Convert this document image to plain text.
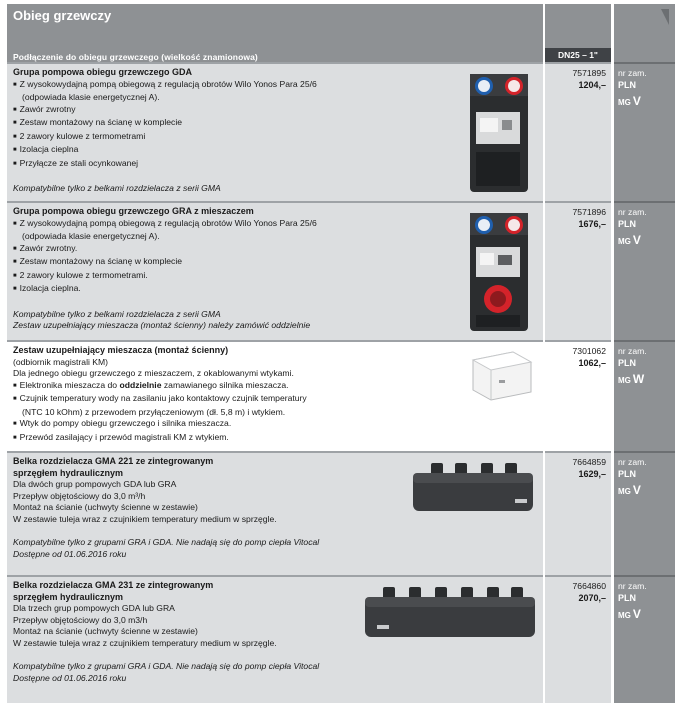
Obieg grzewczy
Podłączenie do obiegu grzewczego (wielkość znamionowa)
Grupa pompowa obiegu grzewczego GDA
■ Z wysokowydajną pompą obiegową z regulacją obrotów Wilo Yonos Para 25/6
(odpowiada klasie energetycznej A).
■ Zawór zwrotny
■ Zestaw montażowy na ścianę w komplecie
■ 2 zawory kulowe z termometrami
■ Izolacja cieplna
■ Przyłącze ze stali ocynkowanej
Kompatybilne tylko z belkami rozdzielacza z serii GMA
Grupa pompowa obiegu grzewczego GRA z mieszaczem
■ Z wysokowydajną pompą obiegową z regulacją obrotów Wilo Yonos Para 25/6
(odpowiada klasie energetycznej A).
■ Zawór zwrotny.
■ Zestaw montażowy na ścianę w komplecie
■ 2 zawory kulowe z termometrami.
■ Izolacja cieplna.
Kompatybilne tylko z belkami rozdzielacza z serii GMA
Zestaw uzupełniający mieszacza (montaż ścienny) należy zamówić oddzielnie
Zestaw uzupełniający mieszacza (montaż ścienny)
(odbiornik magistrali KM)
Dla jednego obiegu grzewczego z mieszaczem, z okablowanymi wtykami.
■ Elektronika mieszacza do oddzielnie zamawianego silnika mieszacza.
■ Czujnik temperatury wody na zasilaniu jako kontaktowy czujnik temperatury
(NTC 10 kOhm) z przewodem przyłączeniowym (dł. 5,8 m) i wtykiem.
■ Wtyk do pompy obiegu grzewczego i silnika mieszacza.
■ Przewód zasilający i przewód magistrali KM z wtykiem.
Belka rozdzielacza GMA 221 ze zintegrowanym
sprzęgłem hydraulicznym
Dla dwóch grup pompowych GDA lub GRA
Przepływ objętościowy do 3,0 m³/h
Montaż na ścianie (uchwyty ścienne w zestawie)
W zestawie tuleja wraz z czujnikiem temperatury medium w sprzęgle.
Kompatybilne tylko z grupami GRA i GDA. Nie nadają się do pomp ciepła Vitocal
Dostępne od 01.06.2016 roku
Belka rozdzielacza GMA 231 ze zintegrowanym
sprzęgłem hydraulicznym
Dla trzech grup pompowych GDA lub GRA
Przepływ objętościowy do 3,0 m3/h
Montaż na ścianie (uchwyty ścienne w zestawie)
W zestawie tuleja wraz z czujnikiem temperatury medium w sprzęgle.
Kompatybilne tylko z grupami GRA i GDA. Nie nadają się do pomp ciepła Vitocal
Dostępne od 01.06.2016 roku
DN25 – 1"
7571895
1204,–
7571896
1676,–
7301062
1062,–
7664859
1629,–
7664860
2070,–
nr zam.
PLN
MG V
nr zam.
PLN
MG V
nr zam.
PLN
MG W
nr zam.
PLN
MG V
nr zam.
PLN
MG V
